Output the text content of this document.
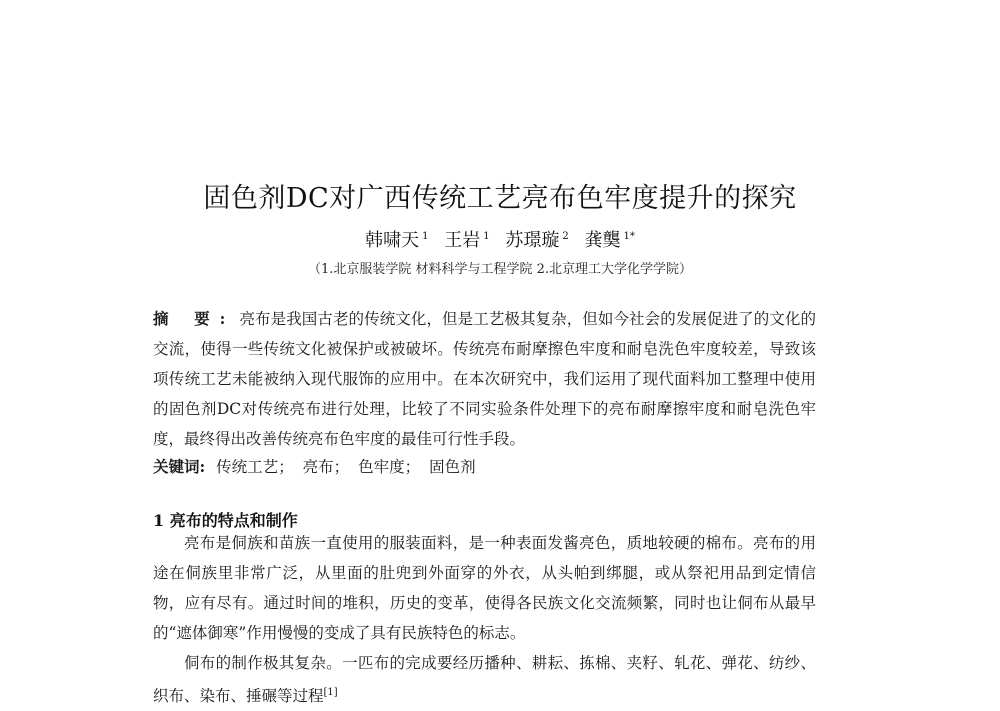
固色剂DC对广西传统工艺亮布色牢度提升的探究
韩啸天 $^1$ 王岩 $^1$ 苏璟璇 $^2$ 龚龑 $^{1*}$
（1.北京服装学院 材料科学与工程学院 2.北京理工大学化学学院）
摘 要: 亮布是我国古老的传统文化，但是工艺极其复杂，但如今社会的发展促进了的文化的交流，使得一些传统文化被保护或被破坏。传统亮布耐摩擦色牢度和耐皂洗色牢度较差，导致该项传统工艺未能被纳入现代服饰的应用中。在本次研究中，我们运用了现代面料加工整理中使用的固色剂DC对传统亮布进行处理，比较了不同实验条件处理下的亮布耐摩擦牢度和耐皂洗色牢度，最终得出改善传统亮布色牢度的最佳可行性手段。
关键词: 传统工艺； 亮布； 色牢度； 固色剂
1 亮布的特点和制作

亮布是侗族和苗族一直使用的服装面料，是一种表面发酱亮色，质地较硬的棉布。亮布的用途在侗族里非常广泛，从里面的肚兜到外面穿的外衣，从头帕到绑腿，或从祭祀用品到定情信物，应有尽有。通过时间的堆积，历史的变革，使得各民族文化交流频繁，同时也让侗布从最早的“遮体御寒”作用慢慢的变成了具有民族特色的标志。

侗布的制作极其复杂。一匹布的完成要经历播种、耕耘、拣棉、夹籽、轧花、弹花、纺纱、织布、染布、捶碾等过程[1]
